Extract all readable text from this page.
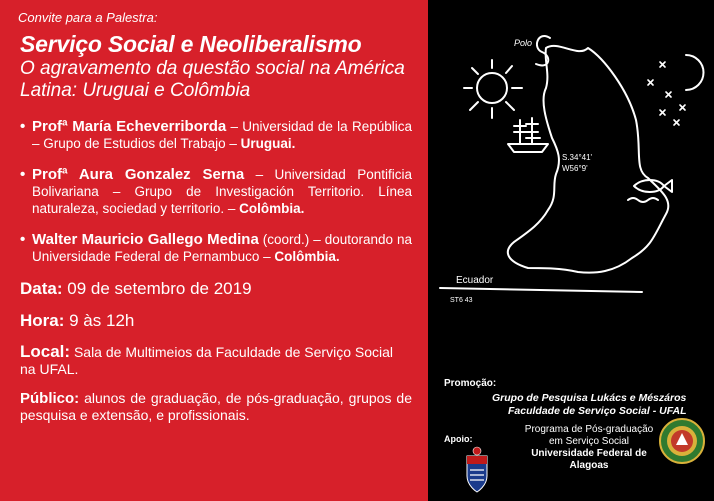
Convite para a Palestra:
Serviço Social e Neoliberalismo
O agravamento da questão social na América Latina: Uruguai e Colômbia
• Profª María Echeverriborda – Universidad de la República – Grupo de Estudios del Trabajo – Uruguai.
• Profª Aura Gonzalez Serna – Universidad Pontificia Bolivariana – Grupo de Investigación Territorio. Línea naturaleza, sociedad y territorio. – Colômbia.
• Walter Mauricio Gallego Medina (coord.) – doutorando na Universidade Federal de Pernambuco – Colômbia.

Data: 09 de setembro de 2019

Hora: 9 às 12h

Local: Sala de Multimeios da Faculdade de Serviço Social na UFAL.

Público: alunos de graduação, de pós-graduação, grupos de pesquisa e extensão, e profissionais.

Polo
S.34°41'
W56°9'
Ecuador
ST6 43
Promoção:
Grupo de Pesquisa Lukács e Mészáros
Faculdade de Serviço Social - UFAL
Apoio:
Programa de Pós-graduação
em Serviço Social
Universidade Federal de Alagoas
